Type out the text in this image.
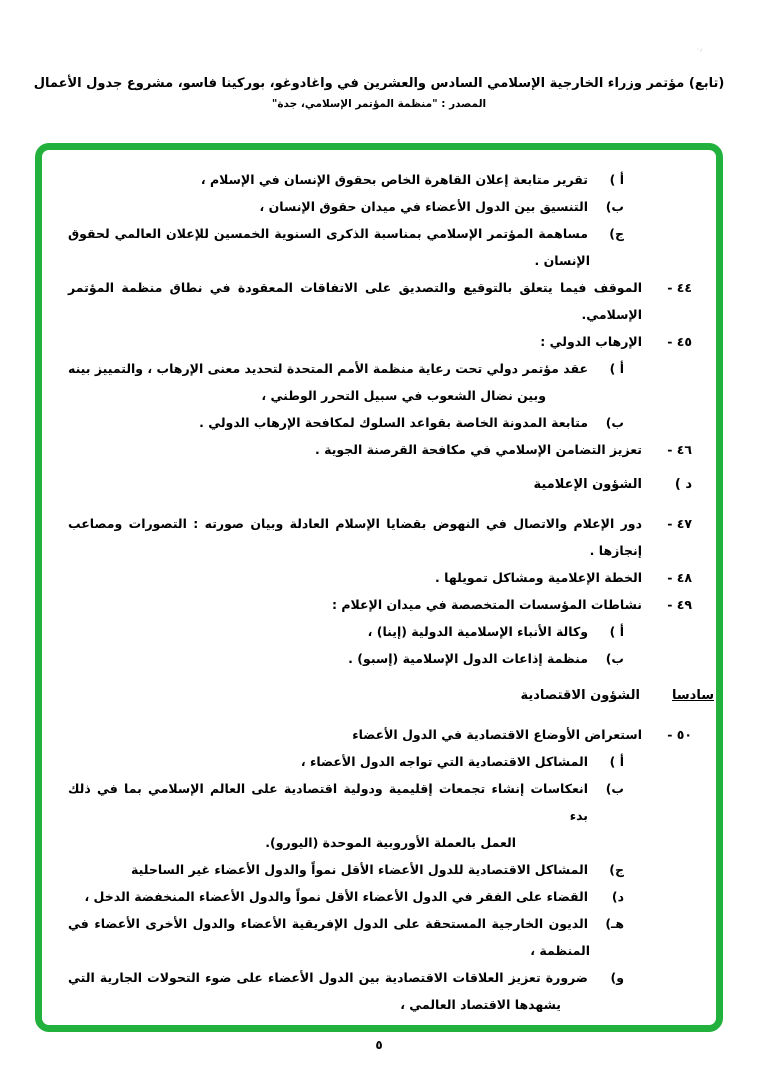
(تابع) مؤتمر وزراء الخارجية الإسلامي السادس والعشرين في واغادوغو، بوركينا فاسو، مشروع جدول الأعمال
المصدر : "منظمة المؤتمر الإسلامي، جدة"
٠٫
أ )
تقرير متابعة إعلان القاهرة الخاص بحقوق الإنسان في الإسلام ،
ب)
التنسيق بين الدول الأعضاء في ميدان حقوق الإنسان ،
ج)
مساهمة المؤتمر الإسلامي بمناسبة الذكرى السنوية الخمسين للإعلان العالمي لحقوق
الإنسان .
٤٤ -
الموقف فيما يتعلق بالتوقيع والتصديق على الاتفاقات المعقودة في نطاق منظمة المؤتمر الإسلامي.
٤٥ -
الإرهاب الدولي :
أ )
عقد مؤتمر دولي تحت رعاية منظمة الأمم المتحدة لتحديد معنى الإرهاب ، والتمييز بينه
وبين نضال الشعوب في سبيل التحرر الوطني ،
ب)
متابعة المدونة الخاصة بقواعد السلوك لمكافحة الإرهاب الدولي .
٤٦ -
تعزيز التضامن الإسلامي في مكافحة القرصنة الجوية .
د )
الشؤون الإعلامية
٤٧ -
دور الإعلام والاتصال في النهوض بقضايا الإسلام العادلة وبيان صورته : التصورات ومصاعب
إنجازها .
٤٨ -
الخطة الإعلامية ومشاكل تمويلها .
٤٩ -
نشاطات المؤسسات المتخصصة في ميدان الإعلام :
أ )
وكالة الأنباء الإسلامية الدولية (إينا) ،
ب)
منظمة إذاعات الدول الإسلامية (إسبو) .
سادسا
الشؤون الاقتصادية
٥٠ -
استعراض الأوضاع الاقتصادية في الدول الأعضاء
أ )
المشاكل الاقتصادية التي تواجه الدول الأعضاء ،
ب)
انعكاسات إنشاء تجمعات إقليمية ودولية اقتصادية على العالم الإسلامي بما في ذلك بدء
العمل بالعملة الأوروبية الموحدة (اليورو).
ج)
المشاكل الاقتصادية للدول الأعضاء الأقل نمواً والدول الأعضاء غير الساحلية
د)
القضاء على الفقر في الدول الأعضاء الأقل نمواً والدول الأعضاء المنخفضة الدخل ،
هـ)
الديون الخارجية المستحقة على الدول الإفريقية الأعضاء والدول الأخرى الأعضاء في
المنظمة ،
و)
ضرورة تعزيز العلاقات الاقتصادية بين الدول الأعضاء على ضوء التحولات الجارية التي
يشهدها الاقتصاد العالمي ،
٥
